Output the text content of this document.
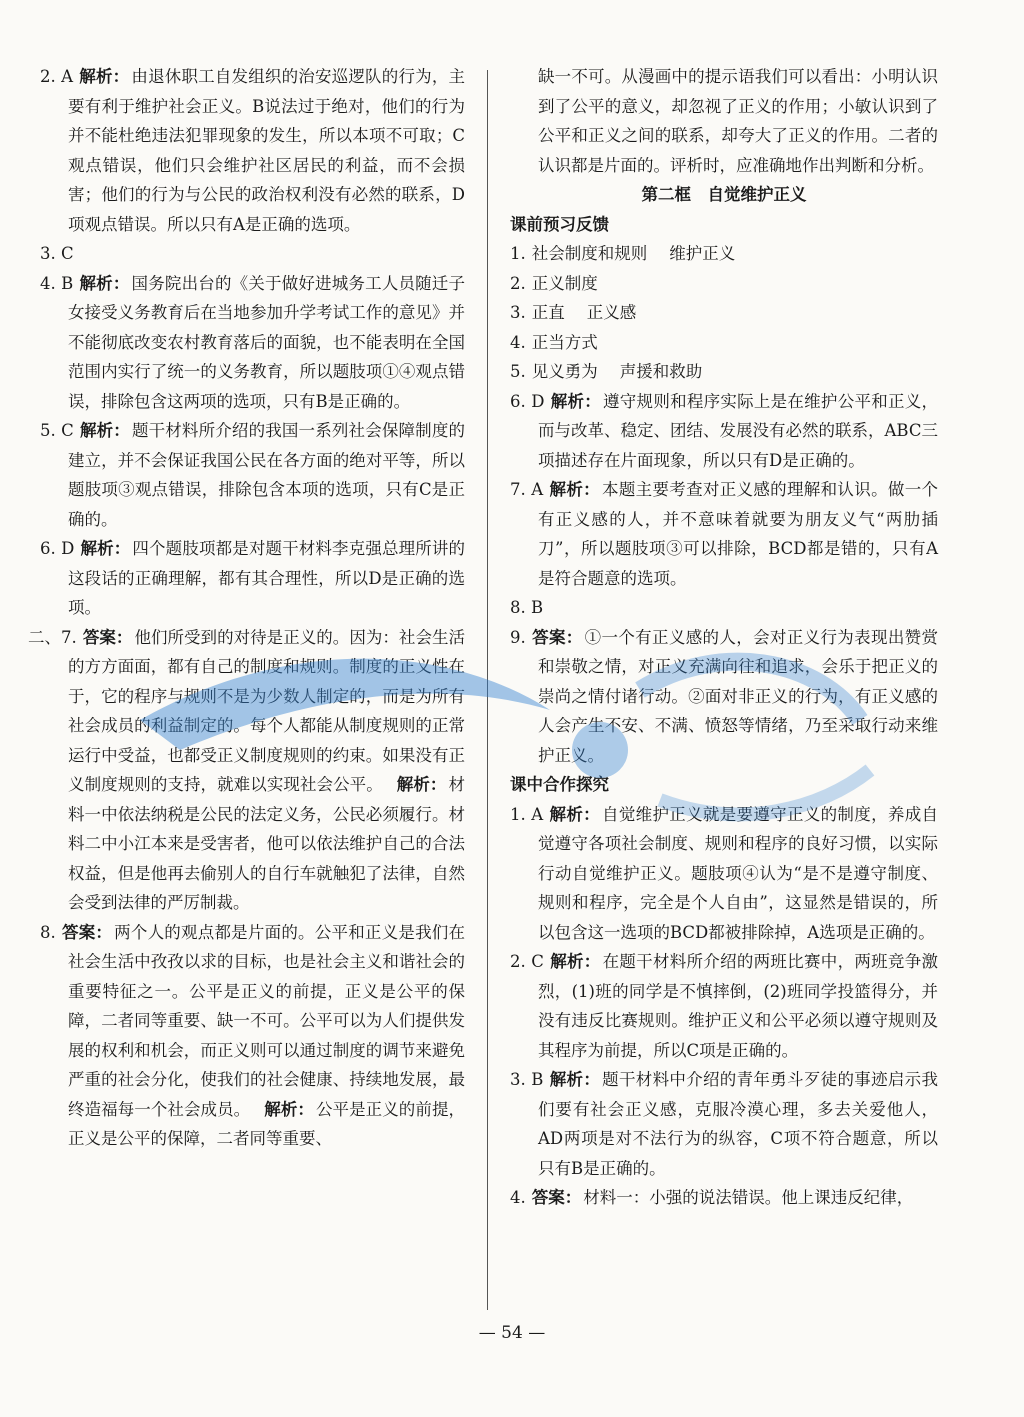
2. A 解析： 由退休职工自发组织的治安巡逻队的行为，主要有利于维护社会正义。B说法过于绝对，他们的行为并不能杜绝违法犯罪现象的发生，所以本项不可取；C观点错误，他们只会维护社区居民的利益，而不会损害；他们的行为与公民的政治权利没有必然的联系，D项观点错误。所以只有A是正确的选项。

3. C

4. B 解析： 国务院出台的《关于做好进城务工人员随迁子女接受义务教育后在当地参加升学考试工作的意见》并不能彻底改变农村教育落后的面貌，也不能表明在全国范围内实行了统一的义务教育，所以题肢项①④观点错误，排除包含这两项的选项，只有B是正确的。

5. C 解析： 题干材料所介绍的我国一系列社会保障制度的建立，并不会保证我国公民在各方面的绝对平等，所以题肢项③观点错误，排除包含本项的选项，只有C是正确的。

6. D 解析： 四个题肢项都是对题干材料李克强总理所讲的这段话的正确理解，都有其合理性，所以D是正确的选项。

二、7. 答案： 他们所受到的对待是正义的。因为：社会生活的方方面面，都有自己的制度和规则。制度的正义性在于，它的程序与规则不是为少数人制定的，而是为所有社会成员的利益制定的。每个人都能从制度规则的正常运行中受益，也都受正义制度规则的约束。如果没有正义制度规则的支持，就难以实现社会公平。 解析： 材料一中依法纳税是公民的法定义务，公民必须履行。材料二中小江本来是受害者，他可以依法维护自己的合法权益，但是他再去偷别人的自行车就触犯了法律，自然会受到法律的严厉制裁。

8. 答案： 两个人的观点都是片面的。公平和正义是我们在社会生活中孜孜以求的目标，也是社会主义和谐社会的重要特征之一。公平是正义的前提，正义是公平的保障，二者同等重要、缺一不可。公平可以为人们提供发展的权利和机会，而正义则可以通过制度的调节来避免严重的社会分化，使我们的社会健康、持续地发展，最终造福每一个社会成员。 解析： 公平是正义的前提，正义是公平的保障，二者同等重要、

缺一不可。从漫画中的提示语我们可以看出：小明认识到了公平的意义，却忽视了正义的作用；小敏认识到了公平和正义之间的联系，却夸大了正义的作用。二者的认识都是片面的。评析时，应准确地作出判断和分析。

第二框　自觉维护正义

课前预习反馈

1. 社会制度和规则 维护正义

2. 正义制度

3. 正直 正义感

4. 正当方式

5. 见义勇为 声援和救助

6. D 解析： 遵守规则和程序实际上是在维护公平和正义，而与改革、稳定、团结、发展没有必然的联系，ABC三项描述存在片面现象，所以只有D是正确的。

7. A 解析： 本题主要考查对正义感的理解和认识。做一个有正义感的人，并不意味着就要为朋友义气“两肋插刀”，所以题肢项③可以排除，BCD都是错的，只有A是符合题意的选项。

8. B

9. 答案： ①一个有正义感的人，会对正义行为表现出赞赏和崇敬之情，对正义充满向往和追求，会乐于把正义的崇尚之情付诸行动。②面对非正义的行为，有正义感的人会产生不安、不满、愤怒等情绪，乃至采取行动来维护正义。

课中合作探究

1. A 解析： 自觉维护正义就是要遵守正义的制度，养成自觉遵守各项社会制度、规则和程序的良好习惯，以实际行动自觉维护正义。题肢项④认为“是不是遵守制度、规则和程序，完全是个人自由”，这显然是错误的，所以包含这一选项的BCD都被排除掉，A选项是正确的。

2. C 解析： 在题干材料所介绍的两班比赛中，两班竞争激烈，(1)班的同学是不慎摔倒，(2)班同学投篮得分，并没有违反比赛规则。维护正义和公平必须以遵守规则及其程序为前提，所以C项是正确的。

3. B 解析： 题干材料中介绍的青年勇斗歹徒的事迹启示我们要有社会正义感，克服冷漠心理，多去关爱他人，AD两项是对不法行为的纵容，C项不符合题意，所以只有B是正确的。

4. 答案： 材料一：小强的说法错误。他上课违反纪律，

— 54 —
